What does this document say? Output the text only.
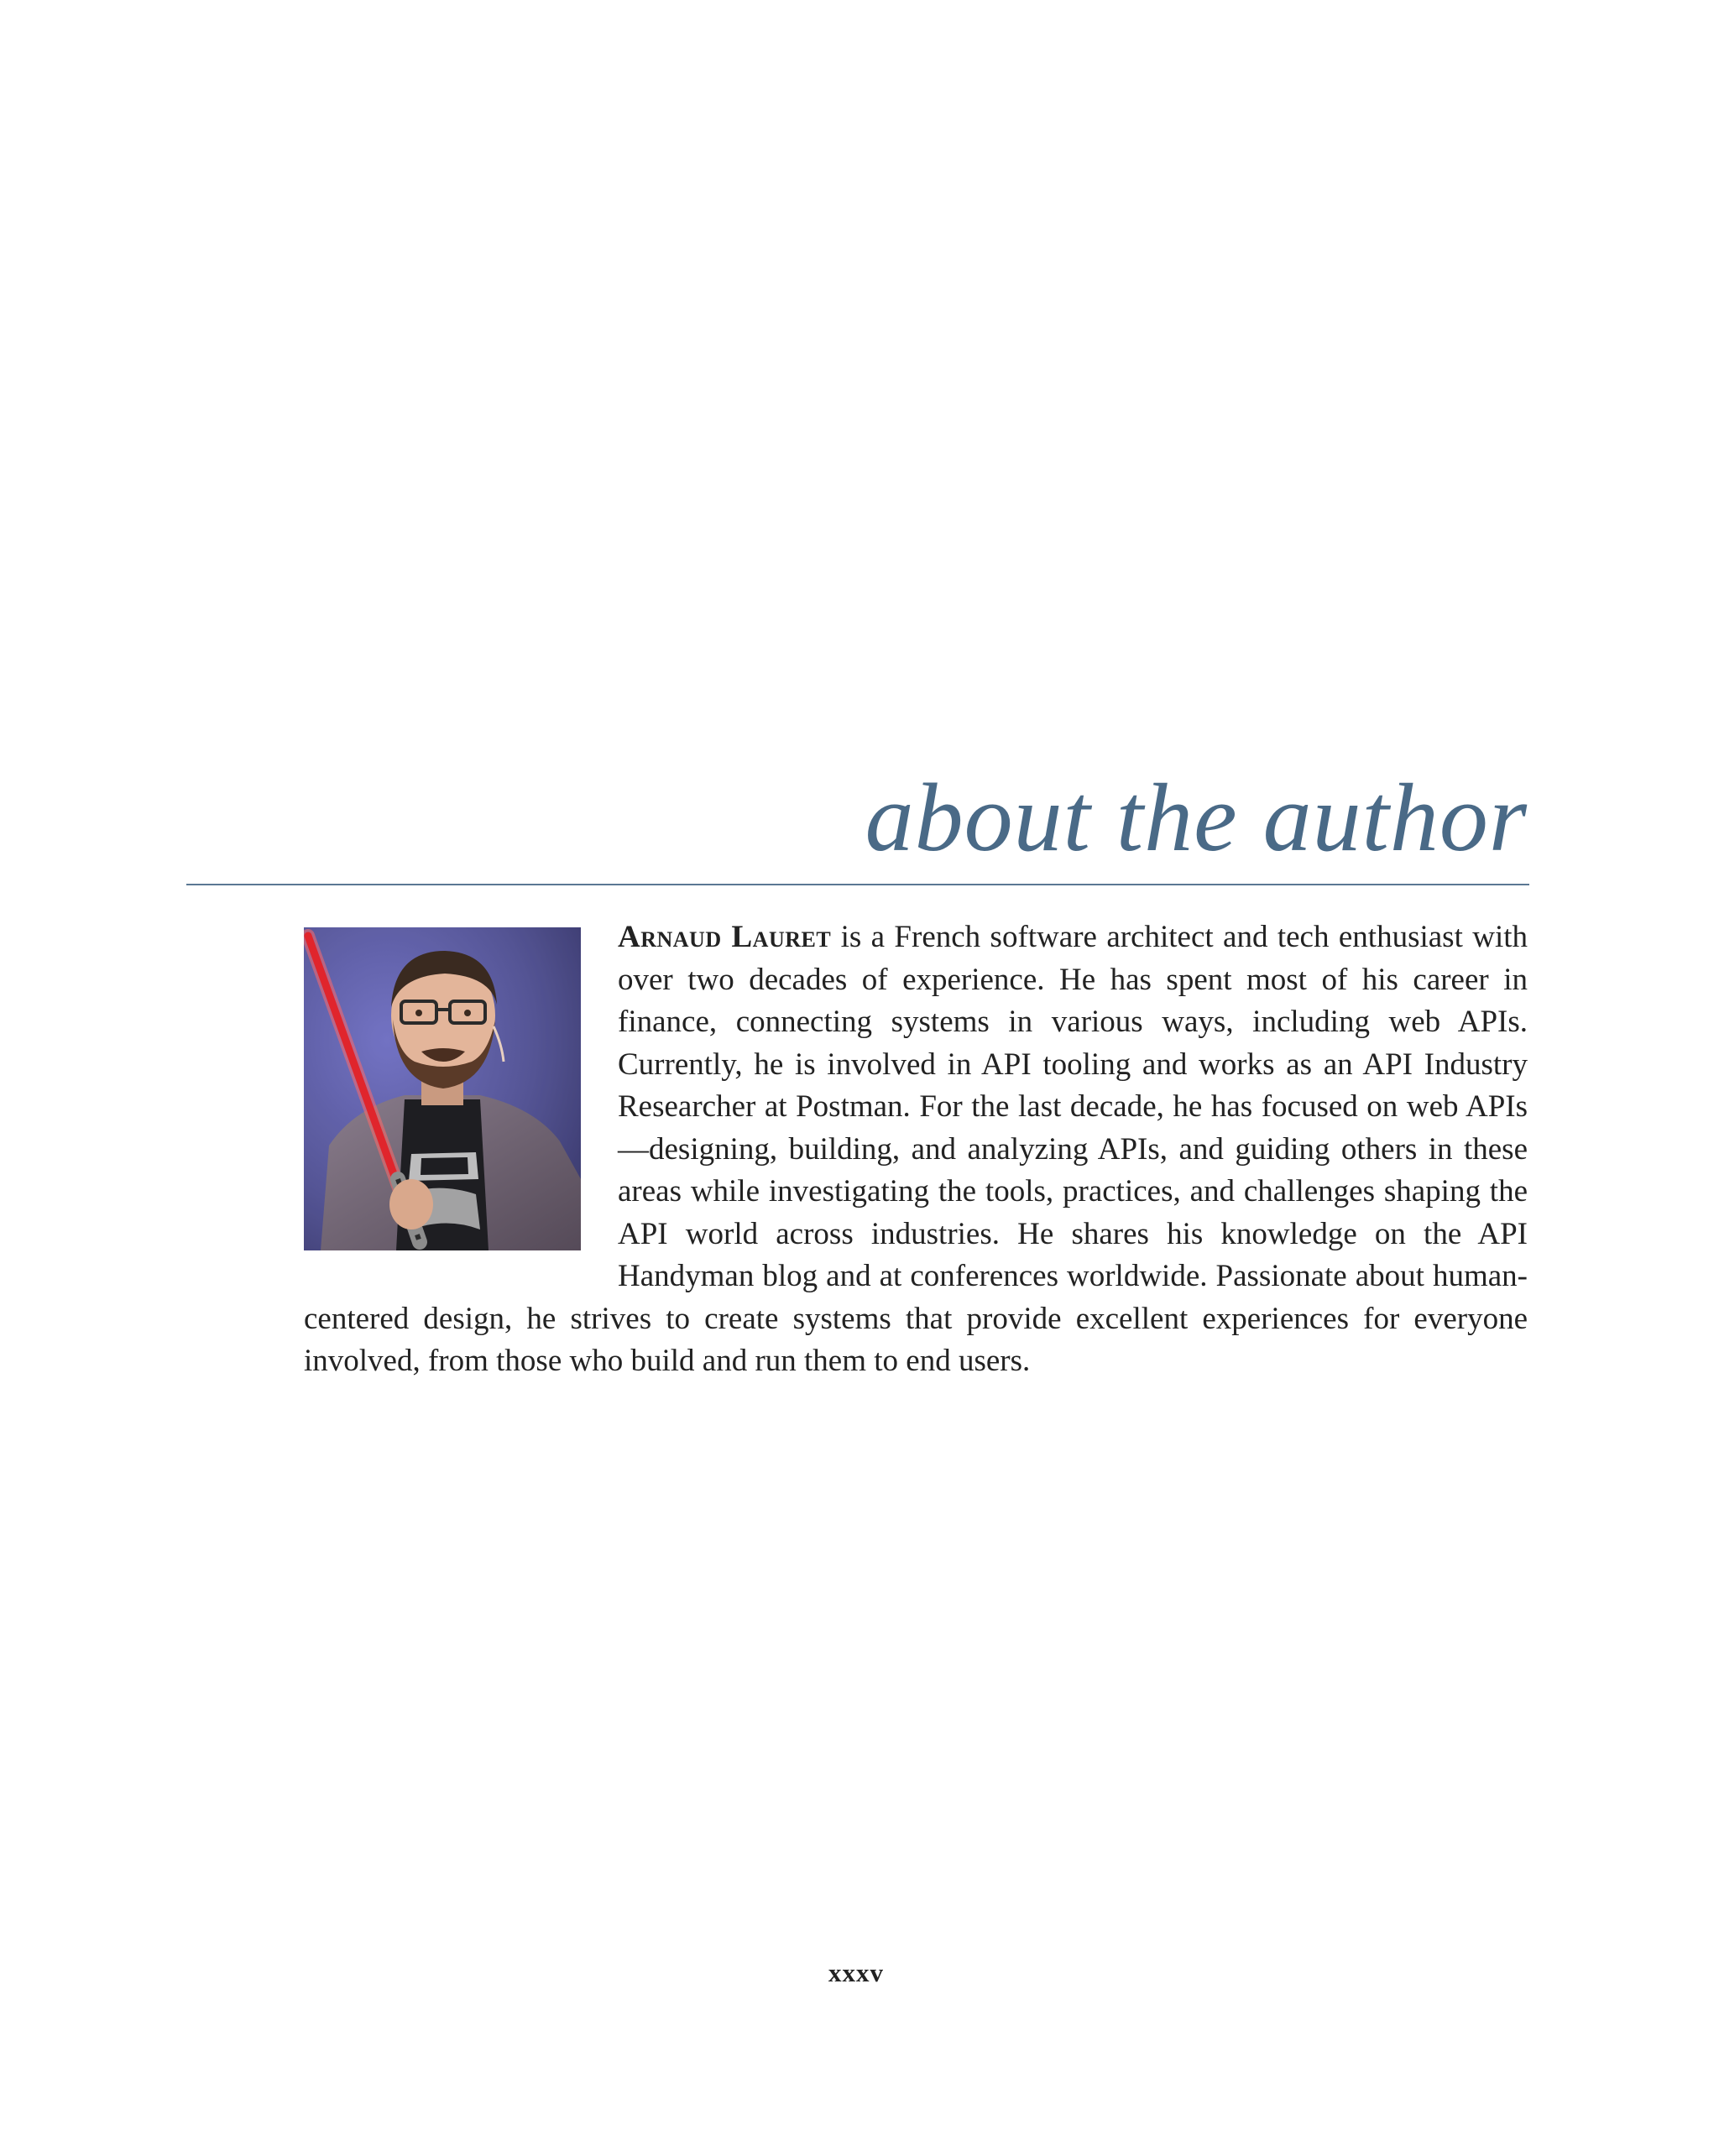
about the author

Arnaud Lauret is a French software architect and tech enthusiast with over two decades of experience. He has spent most of his career in finance, connecting systems in various ways, including web APIs. Currently, he is involved in API tooling and works as an API Industry Researcher at Postman. For the last decade, he has focused on web APIs—designing, building, and analyzing APIs, and guiding others in these areas while investigating the tools, practices, and challenges shaping the API world across industries. He shares his knowledge on the API Handyman blog and at conferences worldwide. Passionate about human-centered design, he strives to create systems that provide excellent experiences for everyone involved, from those who build and run them to end users.

xxxv
